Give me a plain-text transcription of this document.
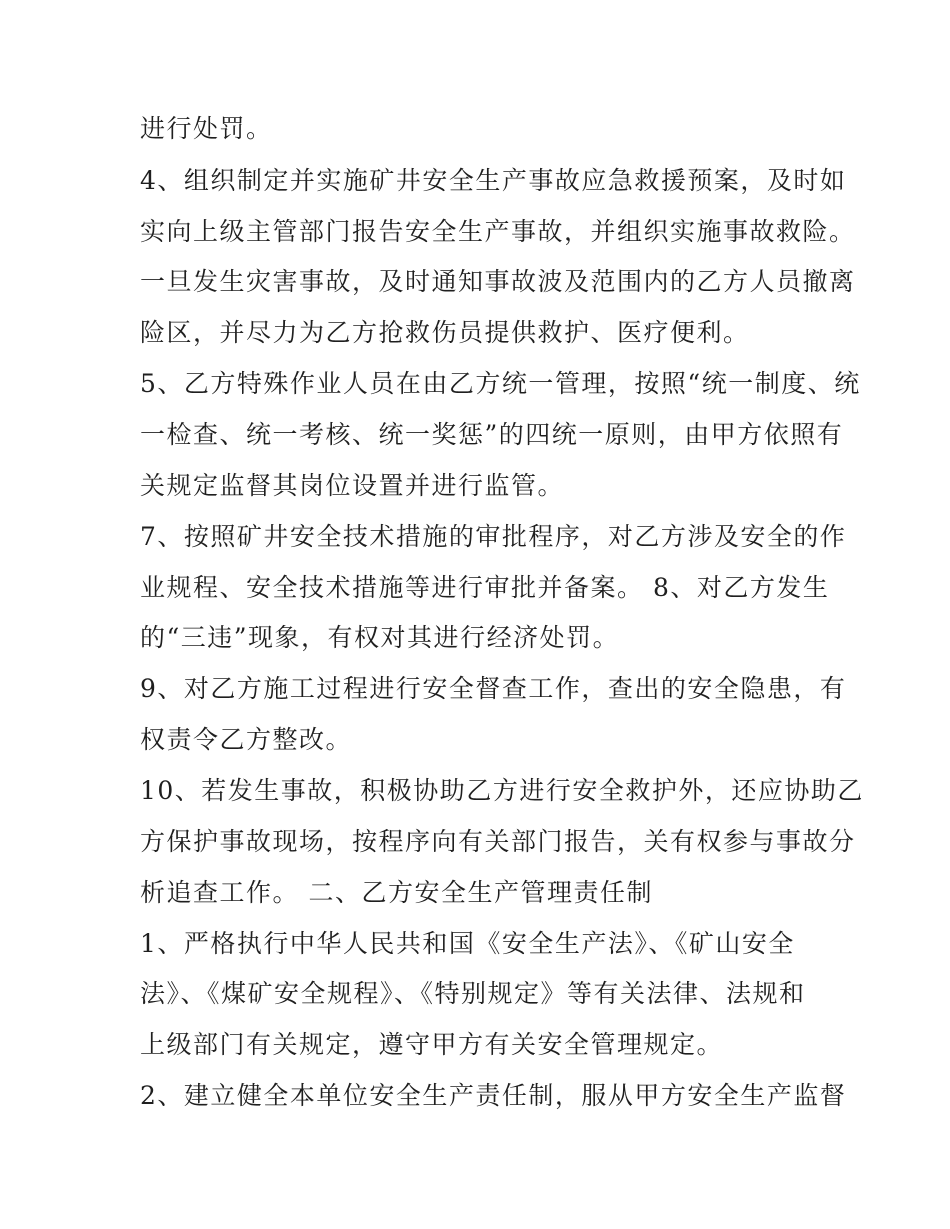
进行处罚。

4、组织制定并实施矿井安全生产事故应急救援预案，及时如

实向上级主管部门报告安全生产事故，并组织实施事故救险。

一旦发生灾害事故，及时通知事故波及范围内的乙方人员撤离

险区，并尽力为乙方抢救伤员提供救护、医疗便利。

5、乙方特殊作业人员在由乙方统一管理，按照“统一制度、统

一检查、统一考核、统一奖惩”的四统一原则，由甲方依照有

关规定监督其岗位设置并进行监管。

7、按照矿井安全技术措施的审批程序，对乙方涉及安全的作

业规程、安全技术措施等进行审批并备案。 8、对乙方发生

的“三违”现象，有权对其进行经济处罚。

9、对乙方施工过程进行安全督查工作，查出的安全隐患，有

权责令乙方整改。

10、若发生事故，积极协助乙方进行安全救护外，还应协助乙

方保护事故现场，按程序向有关部门报告，关有权参与事故分

析追查工作。 二、乙方安全生产管理责任制

1、严格执行中华人民共和国《安全生产法》、《矿山安全

法》、《煤矿安全规程》、《特别规定》等有关法律、法规和

上级部门有关规定，遵守甲方有关安全管理规定。

2、建立健全本单位安全生产责任制，服从甲方安全生产监督
